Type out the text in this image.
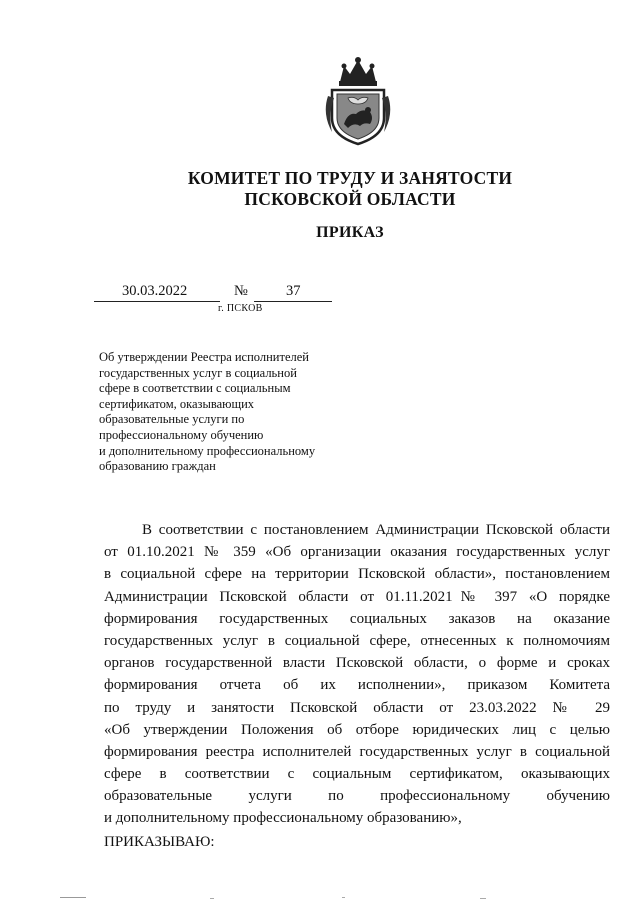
КОМИТЕТ ПО ТРУДУ И ЗАНЯТОСТИ
ПСКОВСКОЙ ОБЛАСТИ
ПРИКАЗ
30.03.2022	№	37
г. ПСКОВ
Об утверждении Реестра исполнителей
государственных услуг в социальной
сфере в соответствии с социальным
сертификатом, оказывающих
образовательные услуги по
профессиональному обучению
и дополнительному профессиональному
образованию граждан
В соответствии с постановлением Администрации Псковской области
от 01.10.2021 № 359 «Об организации оказания государственных услуг
в социальной сфере на территории Псковской области», постановлением
Администрации Псковской области от 01.11.2021№ 397 «О порядке
формирования государственных социальных заказов на оказание
государственных услуг в социальной сфере, отнесенных к полномочиям
органов государственной власти Псковской области, о форме и сроках
формирования отчета об их исполнении», приказом Комитета
по труду и занятости Псковской области от 23.03.2022 № 29
«Об утверждении Положения об отборе юридических лиц с целью
формирования реестра исполнителей государственных услуг в социальной
сфере в соответствии с социальным сертификатом, оказывающих
образовательные услуги по профессиональному обучению
и дополнительному профессиональному образованию»,
ПРИКАЗЫВАЮ:
